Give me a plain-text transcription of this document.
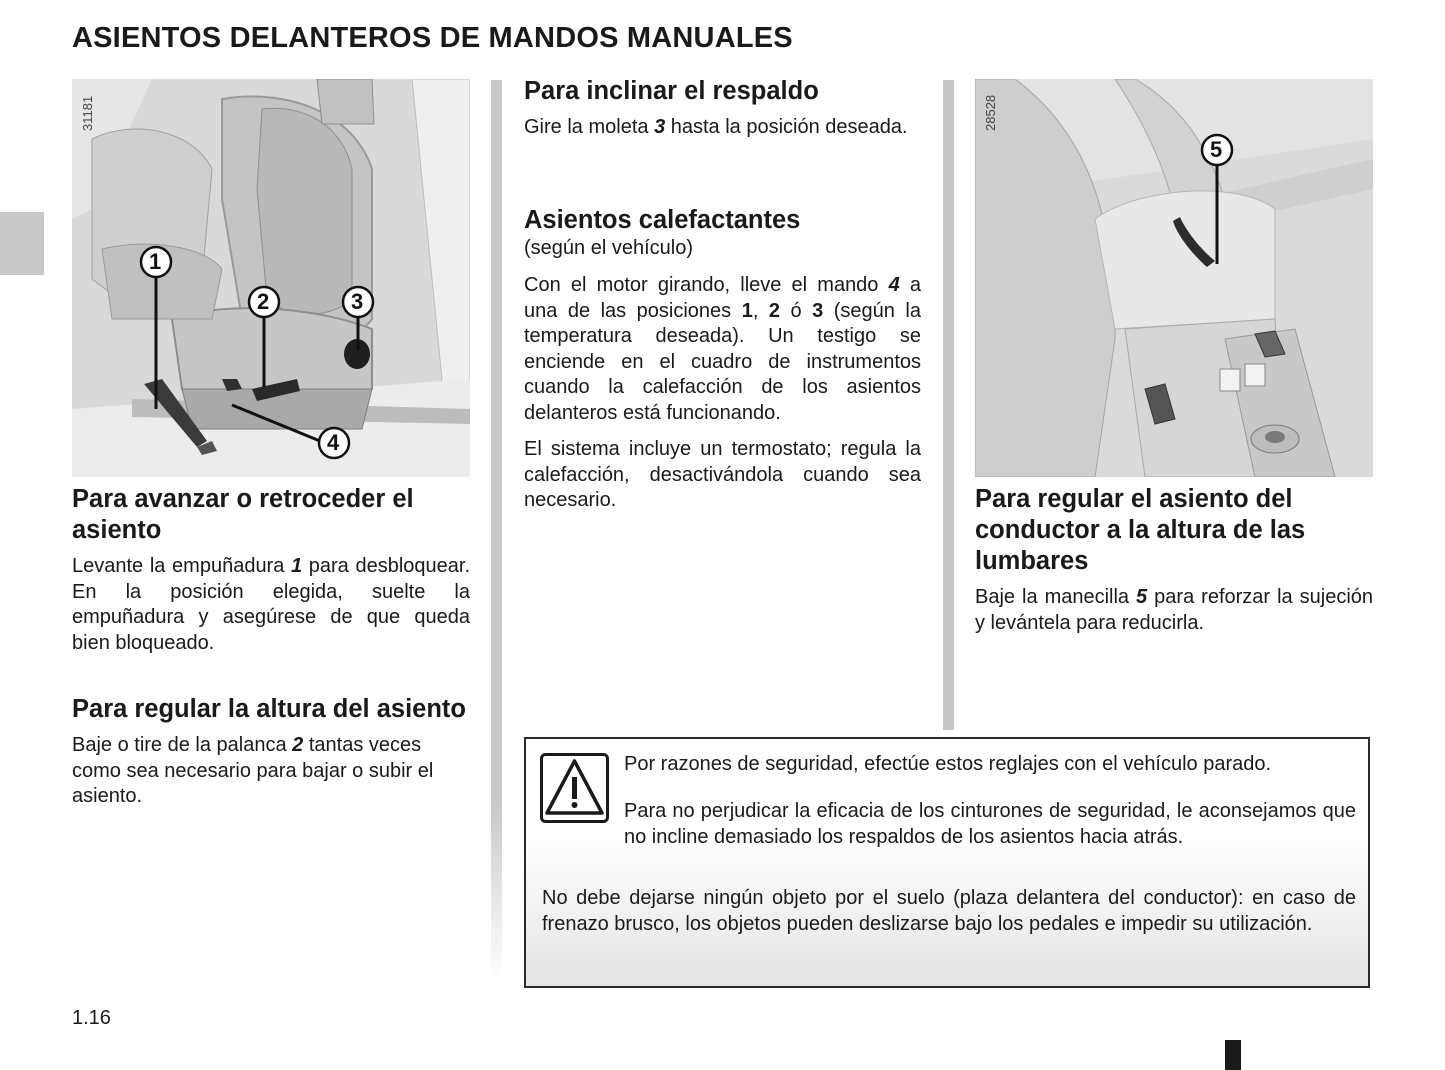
ASIENTOS DELANTEROS DE MANDOS MANUALES
31181
1
2	3
4
Para avanzar o retroceder el asiento

Levante la empuñadura 1 para desbloquear. En la posición elegida, suelte la empuñadura y asegúrese de que queda bien bloqueado.

Para regular la altura del asiento

Baje o tire de la palanca 2 tantas veces como sea necesario para bajar o subir el asiento.

Para inclinar el respaldo

Gire la moleta 3 hasta la posición deseada.

Asientos calefactantes
(según el vehículo)

Con el motor girando, lleve el mando 4 a una de las posiciones 1, 2 ó 3 (según la temperatura deseada). Un testigo se enciende en el cuadro de instrumentos cuando la calefacción de los asientos delanteros está funcionando.

El sistema incluye un termostato; regula la calefacción, desactivándola cuando sea necesario.

28528
5
Para regular el asiento del conductor a la altura de las lumbares

Baje la manecilla 5 para reforzar la sujeción y levántela para reducirla.

Por razones de seguridad, efectúe estos reglajes con el vehículo parado.

Para no perjudicar la eficacia de los cinturones de seguridad, le aconsejamos que no incline demasiado los respaldos de los asientos hacia atrás.

No debe dejarse ningún objeto por el suelo (plaza delantera del conductor): en caso de frenazo brusco, los objetos pueden deslizarse bajo los pedales e impedir su utilización.

1.16
